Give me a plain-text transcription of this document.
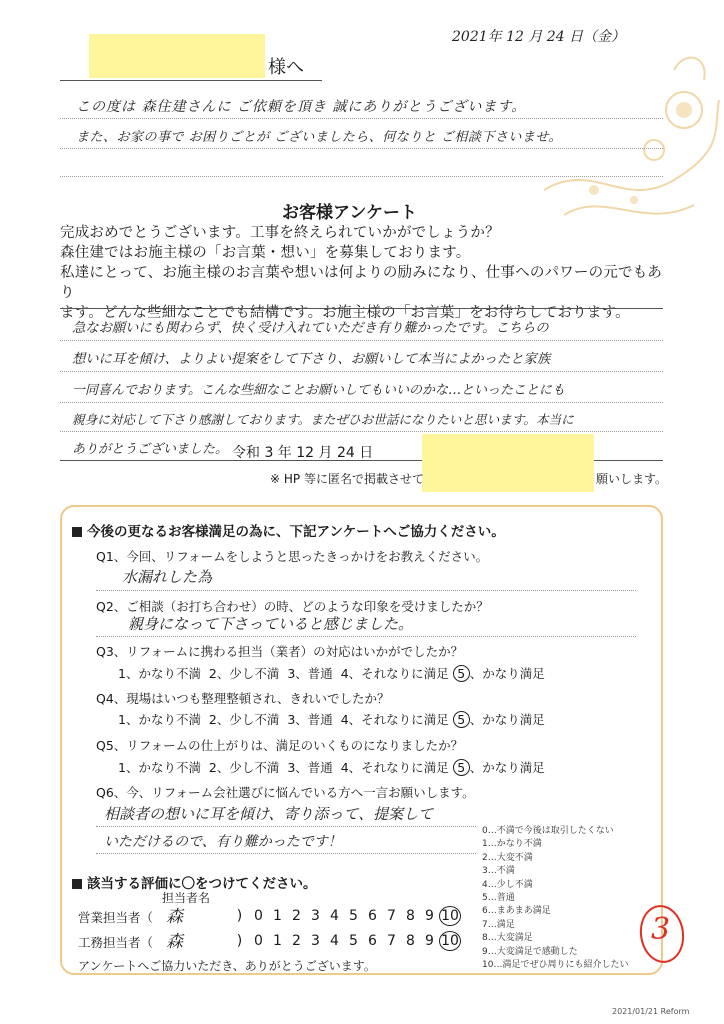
2021年 12 月 24 日（金）
様へ
この度は 森住建さんに ご依頼を頂き 誠にありがとうございます。
また、お家の事で お困りごとが ございましたら、何なりと ご相談下さいませ。
お客様アンケート
完成おめでとうございます。工事を終えられていかがでしょうか？
森住建ではお施主様の「お言葉・想い」を募集しております。
私達にとって、お施主様のお言葉や想いは何よりの励みになり、仕事へのパワーの元でもあり
ます。どんな些細なことでも結構です。お施主様の「お言葉」をお待ちしております。
急なお願いにも関わらず、快く受け入れていただき有り難かったです。こちらの
想いに耳を傾け、よりよい提案をして下さり、お願いして本当によかったと家族
一同喜んでおります。こんな些細なことお願いしてもいいのかな…といったことにも
親身に対応して下さり感謝しております。またぜひお世話になりたいと思います。本当に
ありがとうございました。 令和 3 年 12 月 24 日
※ HP 等に匿名で掲載させて	願いします。
今後の更なるお客様満足の為に、下記アンケートへご協力ください。
Q1、今回、リフォームをしようと思ったきっかけをお教えください。
水漏れした為
Q2、ご相談（お打ち合わせ）の時、どのような印象を受けましたか？
親身になって下さっていると感じました。
Q3、リフォームに携わる担当（業者）の対応はいかがでしたか？
1、かなり不満 2、少し不満 3、普通 4、それなりに満足 5 、かなり満足
Q4、現場はいつも整理整頓され、きれいでしたか？
1、かなり不満 2、少し不満 3、普通 4、それなりに満足 5 、かなり満足
Q5、リフォームの仕上がりは、満足のいくものになりましたか？
1、かなり不満 2、少し不満 3、普通 4、それなりに満足 5 、かなり満足
Q6、今、リフォーム会社選びに悩んでいる方へ一言お願いします。
相談者の想いに耳を傾け、寄り添って、提案して
いただけるので、有り難かったです！
0…不満で今後は取引したくない
1…かなり不満
2…大変不満
3…不満
4…少し不満
5…普通
6…まあまあ満足
7…満足
8…大変満足
9…大変満足で感動した
10…満足でぜひ周りにも紹介したい
該当する評価に〇をつけてください。
担当者名
営業担当者（ 森	) 0 1 2 3 4 5 6 7 8 9 10
工務担当者（ 森	) 0 1 2 3 4 5 6 7 8 9 10
アンケートへご協力いただき、ありがとうございます。
3
2021/01/21 Reform
